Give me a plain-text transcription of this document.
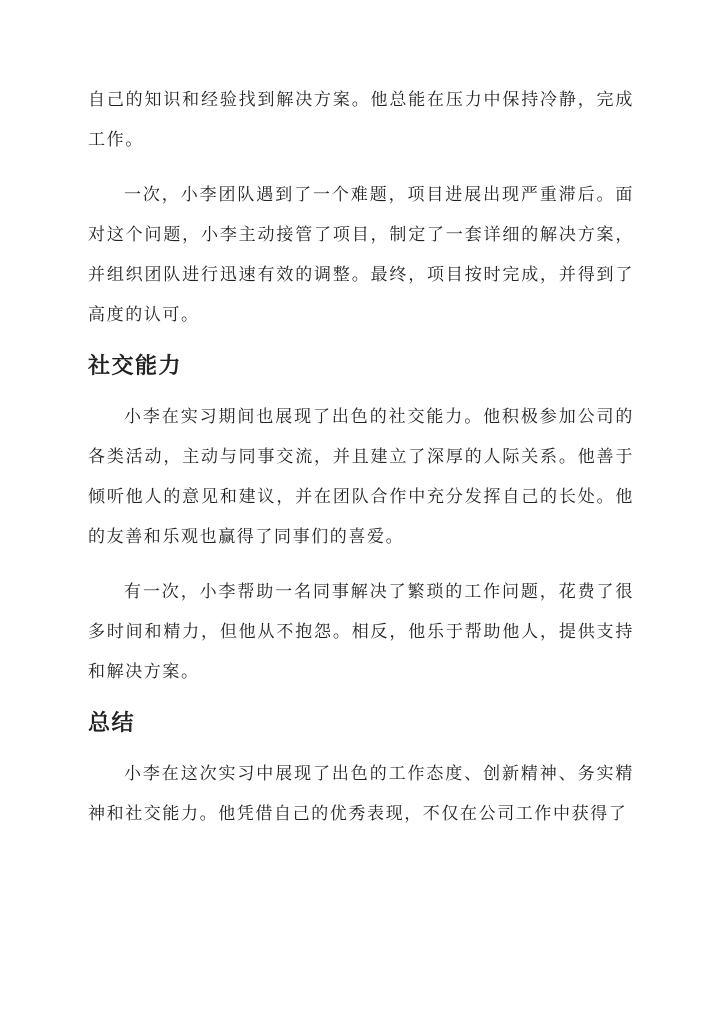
自己的知识和经验找到解决方案。他总能在压力中保持冷静，完成
工作。
一次，小李团队遇到了一个难题，项目进展出现严重滞后。面
对这个问题，小李主动接管了项目，制定了一套详细的解决方案，
并组织团队进行迅速有效的调整。最终，项目按时完成，并得到了
高度的认可。
社交能力
小李在实习期间也展现了出色的社交能力。他积极参加公司的
各类活动，主动与同事交流，并且建立了深厚的人际关系。他善于
倾听他人的意见和建议，并在团队合作中充分发挥自己的长处。他
的友善和乐观也赢得了同事们的喜爱。
有一次，小李帮助一名同事解决了繁琐的工作问题，花费了很
多时间和精力，但他从不抱怨。相反，他乐于帮助他人，提供支持
和解决方案。
总结
小李在这次实习中展现了出色的工作态度、创新精神、务实精
神和社交能力。他凭借自己的优秀表现，不仅在公司工作中获得了
